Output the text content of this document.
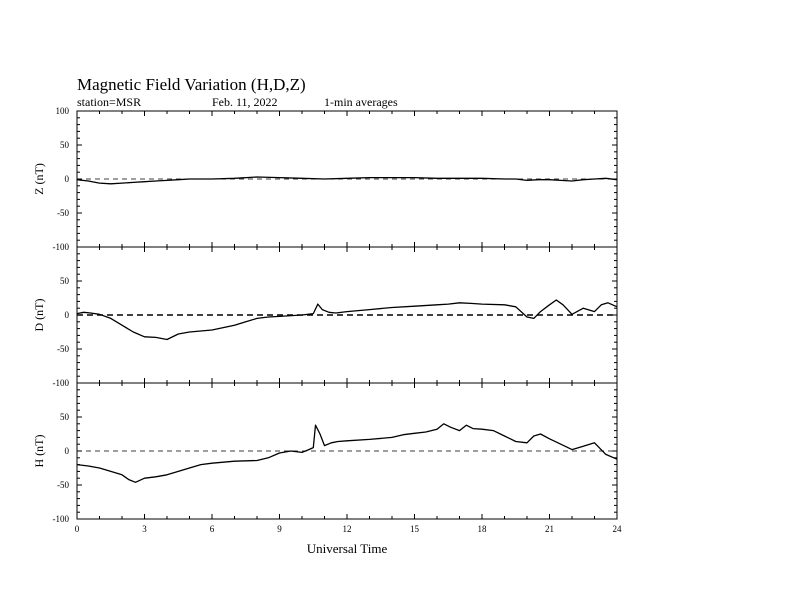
Magnetic Field Variation (H,D,Z)
station=MSR	Feb. 11, 2022	1-min averages
100
50
0
-50
-100
Z (nT)
50
0
-50
-100
D (nT)
50
0
-50
-100
H (nT)
0	3	6	9	12	15	18	21	24
Universal Time
